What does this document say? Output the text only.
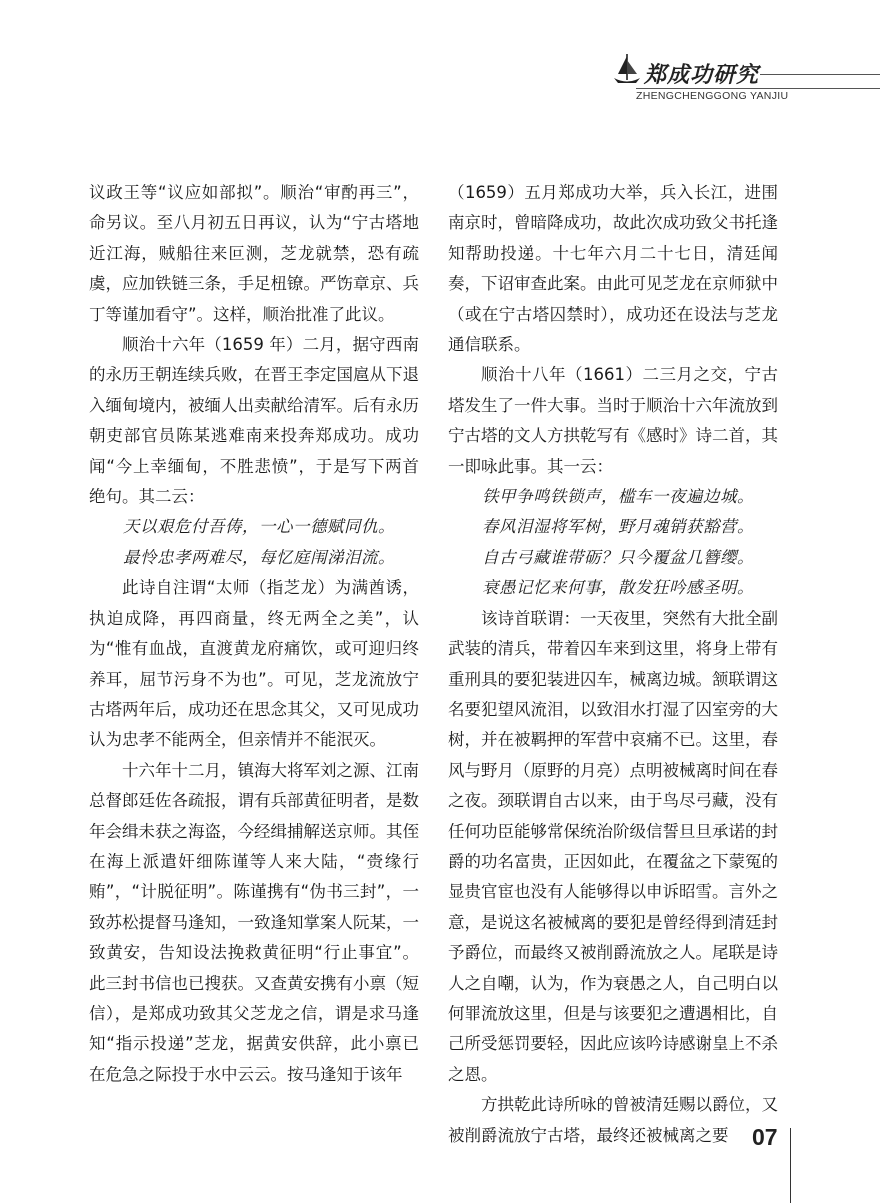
郑成功研究
ZHENGCHENGGONG YANJIU

议政王等“议应如部拟”。顺治“审酌再三”，命另议。至八月初五日再议，认为“宁古塔地近江海，贼船往来叵测，芝龙就禁，恐有疏虞，应加铁链三条，手足杻镣。严饬章京、兵丁等谨加看守”。这样，顺治批准了此议。

顺治十六年（1659 年）二月，据守西南的永历王朝连续兵败，在晋王李定国扈从下退入缅甸境内，被缅人出卖献给清军。后有永历朝吏部官员陈某逃难南来投奔郑成功。成功闻“今上幸缅甸，不胜悲愤”，于是写下两首绝句。其二云：

天以艰危付吾俦，一心一德赋同仇。

最怜忠孝两难尽，每忆庭闱涕泪流。

此诗自注谓“太师（指芝龙）为满酋诱，执迫成降，再四商量，终无两全之美”，认为“惟有血战，直渡黄龙府痛饮，或可迎归终养耳，屈节污身不为也”。可见，芝龙流放宁古塔两年后，成功还在思念其父，又可见成功认为忠孝不能两全，但亲情并不能泯灭。

十六年十二月，镇海大将军刘之源、江南总督郎廷佐各疏报，谓有兵部黄征明者，是数年会缉未获之海盗，今经缉捕解送京师。其侄在海上派遣奸细陈谨等人来大陆，“赍缘行贿”，“计脱征明”。陈谨携有“伪书三封”，一致苏松提督马逢知，一致逢知掌案人阮某，一致黄安，告知设法挽救黄征明“行止事宜”。此三封书信也已搜获。又查黄安携有小禀（短信），是郑成功致其父芝龙之信，谓是求马逢知“指示投递”芝龙，据黄安供辞，此小禀已在危急之际投于水中云云。按马逢知于该年

（1659）五月郑成功大举，兵入长江，进围南京时，曾暗降成功，故此次成功致父书托逢知帮助投递。十七年六月二十七日，清廷闻奏，下诏审查此案。由此可见芝龙在京师狱中（或在宁古塔囚禁时），成功还在设法与芝龙通信联系。

顺治十八年（1661）二三月之交，宁古塔发生了一件大事。当时于顺治十六年流放到宁古塔的文人方拱乾写有《感时》诗二首，其一即咏此事。其一云：

铁甲争鸣铁锁声，槛车一夜遍边城。

春风泪湿将军树，野月魂销获豁营。

自古弓藏谁带砺？只今覆盆几簪缨。

衰愚记忆来何事，散发狂吟感圣明。

该诗首联谓：一天夜里，突然有大批全副武装的清兵，带着囚车来到这里，将身上带有重刑具的要犯装进囚车，械离边城。颔联谓这名要犯望风流泪，以致泪水打湿了囚室旁的大树，并在被羁押的军营中哀痛不已。这里，春风与野月（原野的月亮）点明被械离时间在春之夜。颈联谓自古以来，由于鸟尽弓藏，没有任何功臣能够常保统治阶级信誓旦旦承诺的封爵的功名富贵，正因如此，在覆盆之下蒙冤的显贵官宦也没有人能够得以申诉昭雪。言外之意，是说这名被械离的要犯是曾经得到清廷封予爵位，而最终又被削爵流放之人。尾联是诗人之自嘲，认为，作为衰愚之人，自己明白以何罪流放这里，但是与该要犯之遭遇相比，自己所受惩罚要轻，因此应该吟诗感谢皇上不杀之恩。

方拱乾此诗所咏的曾被清廷赐以爵位，又被削爵流放宁古塔，最终还被械离之要	07
